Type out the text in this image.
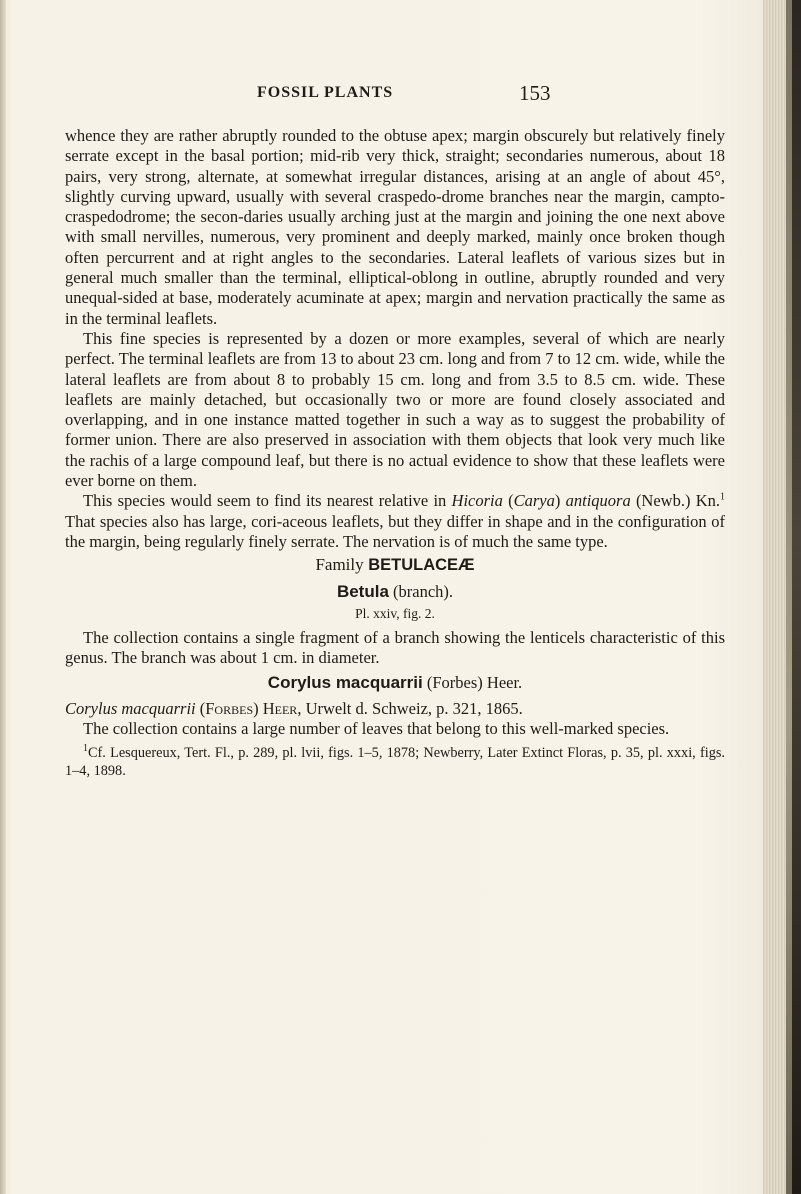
FOSSIL PLANTS	153

whence they are rather abruptly rounded to the obtuse apex; margin obscurely but relatively finely serrate except in the basal portion; mid-rib very thick, straight; secondaries numerous, about 18 pairs, very strong, alternate, at somewhat irregular distances, arising at an angle of about 45°, slightly curving upward, usually with several craspedo-drome branches near the margin, campto-craspedodrome; the secon-daries usually arching just at the margin and joining the one next above with small nervilles, numerous, very prominent and deeply marked, mainly once broken though often percurrent and at right angles to the secondaries. Lateral leaflets of various sizes but in general much smaller than the terminal, elliptical-oblong in outline, abruptly rounded and very unequal-sided at base, moderately acuminate at apex; margin and nervation practically the same as in the terminal leaflets.

This fine species is represented by a dozen or more examples, several of which are nearly perfect. The terminal leaflets are from 13 to about 23 cm. long and from 7 to 12 cm. wide, while the lateral leaflets are from about 8 to probably 15 cm. long and from 3.5 to 8.5 cm. wide. These leaflets are mainly detached, but occasionally two or more are found closely associated and overlapping, and in one instance matted together in such a way as to suggest the probability of former union. There are also preserved in association with them objects that look very much like the rachis of a large compound leaf, but there is no actual evidence to show that these leaflets were ever borne on them.

This species would seem to find its nearest relative in Hicoria (Carya) antiquora (Newb.) Kn.$^1$ That species also has large, cori-aceous leaflets, but they differ in shape and in the configuration of the margin, being regularly finely serrate. The nervation is of much the same type.

Family BETULACEÆ
Betula (branch).
Pl. xxiv, fig. 2.

The collection contains a single fragment of a branch showing the lenticels characteristic of this genus. The branch was about 1 cm. in diameter.

Corylus macquarrii (Forbes) Heer.

Corylus macquarrii (Forbes) Heer, Urwelt d. Schweiz, p. 321, 1865.

The collection contains a large number of leaves that belong to this well-marked species.

$^1$Cf. Lesquereux, Tert. Fl., p. 289, pl. lvii, figs. 1–5, 1878; Newberry, Later Extinct Floras, p. 35, pl. xxxi, figs. 1–4, 1898.
